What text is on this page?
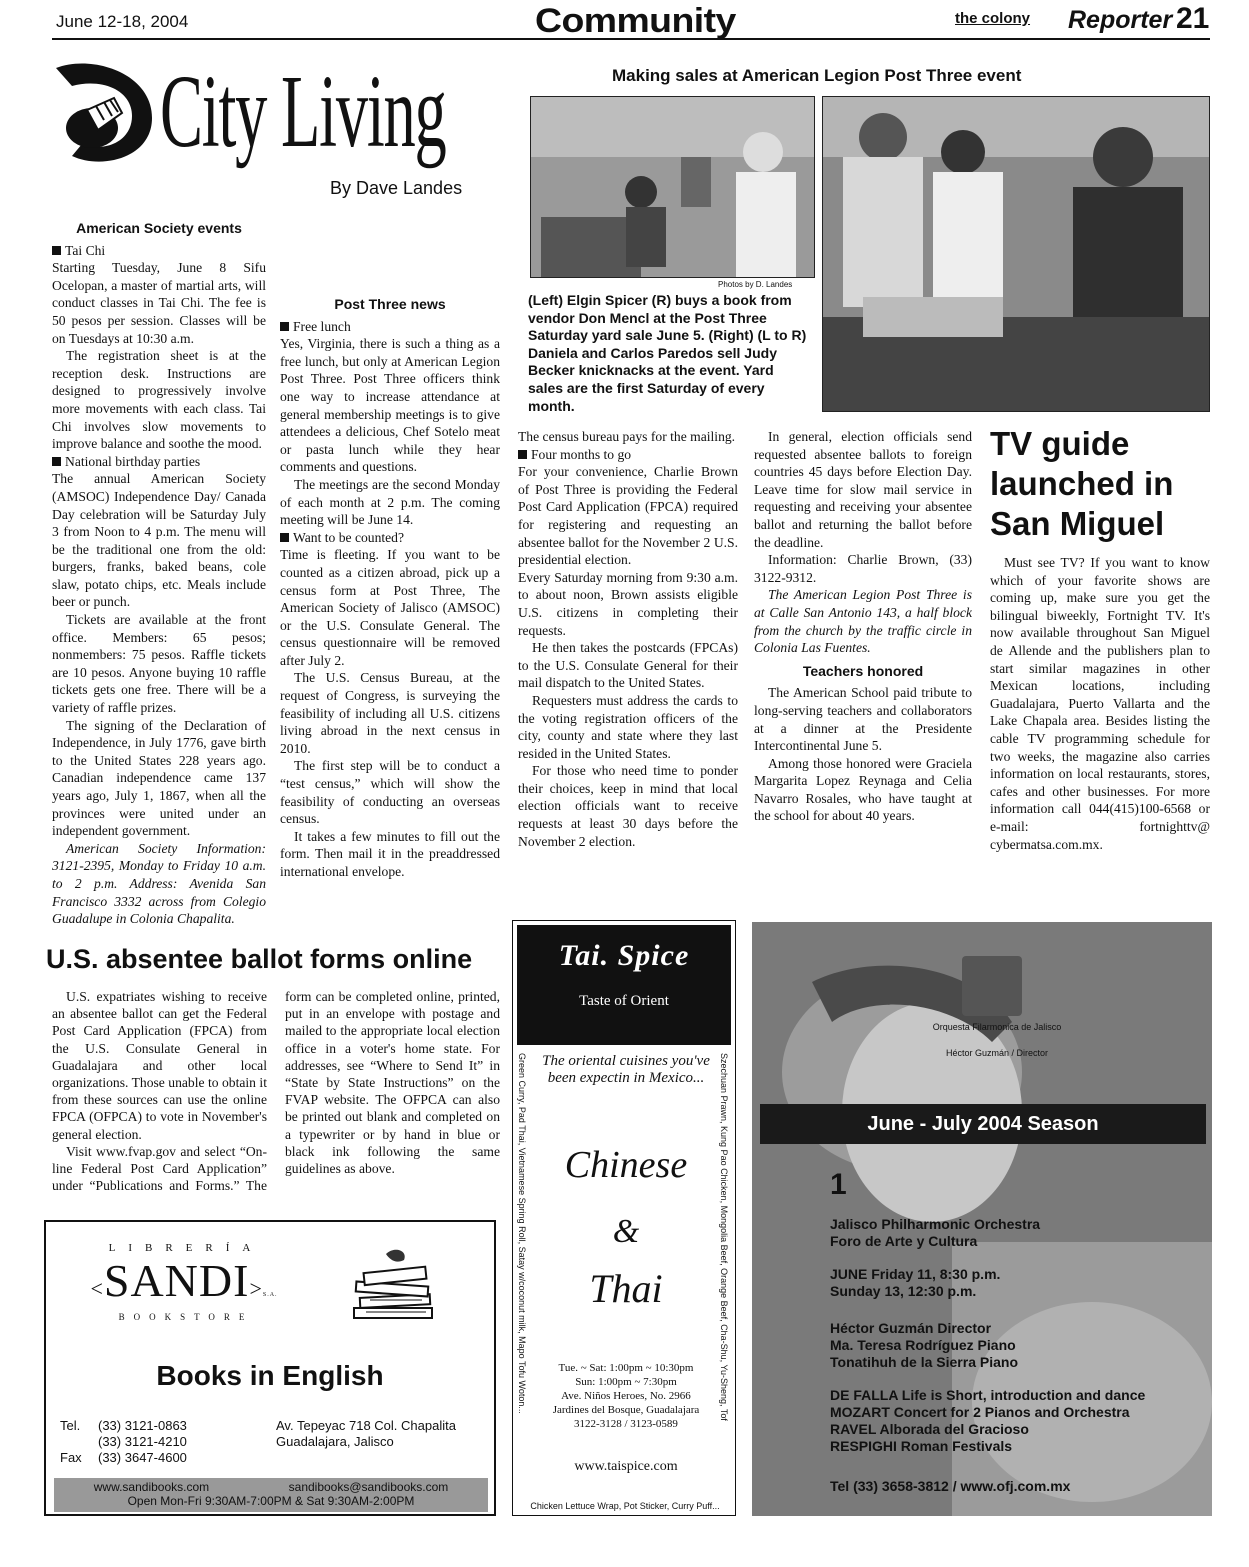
June 12-18, 2004	Community	the colony Reporter 21
City Living
By Dave Landes
American Society events

Tai Chi

Starting Tuesday, June 8 Sifu Ocelopan, a master of martial arts, will conduct classes in Tai Chi. The fee is 50 pesos per session. Classes will be on Tuesdays at 10:30 a.m.

The registration sheet is at the reception desk. Instructions are designed to progressively involve more movements with each class. Tai Chi involves slow movements to improve balance and soothe the mood.

National birthday parties

The annual American Society (AMSOC) Independence Day/ Canada Day celebration will be Saturday July 3 from Noon to 4 p.m. The menu will be the traditional one from the old: burgers, franks, baked beans, cole slaw, potato chips, etc. Meals include beer or punch.

Tickets are available at the front office. Members: 65 pesos; nonmembers: 75 pesos. Raffle tickets are 10 pesos. Anyone buying 10 raffle tickets gets one free. There will be a variety of raffle prizes.

The signing of the Declaration of Independence, in July 1776, gave birth to the United States 228 years ago. Canadian independence came 137 years ago, July 1, 1867, when all the provinces were united under an independent government.

American Society Information: 3121-2395, Monday to Friday 10 a.m. to 2 p.m. Address: Avenida San Francisco 3332 across from Colegio Guadalupe in Colonia Chapalita.

Post Three news

Free lunch

Yes, Virginia, there is such a thing as a free lunch, but only at American Legion Post Three. Post Three officers think one way to increase attendance at general membership meetings is to give attendees a delicious, Chef Sotelo meat or pasta lunch while they hear comments and questions.

The meetings are the second Monday of each month at 2 p.m. The coming meeting will be June 14.

Want to be counted?

Time is fleeting. If you want to be counted as a citizen abroad, pick up a census form at Post Three, The American Society of Jalisco (AMSOC) or the U.S. Consulate General. The census questionnaire will be removed after July 2.

The U.S. Census Bureau, at the request of Congress, is surveying the feasibility of including all U.S. citizens living abroad in the next census in 2010.

The first step will be to conduct a “test census,” which will show the feasibility of conducting an overseas census.

It takes a few minutes to fill out the form. Then mail it in the preaddressed international envelope.

Making sales at American Legion Post Three event
Photos by D. Landes
(Left) Elgin Spicer (R) buys a book from vendor Don Mencl at the Post Three Saturday yard sale June 5. (Right) (L to R) Daniela and Carlos Paredos sell Judy Becker knicknacks at the event. Yard sales are the first Saturday of every month.

The census bureau pays for the mailing.

Four months to go

For your convenience, Charlie Brown of Post Three is providing the Federal Post Card Application (FPCA) required for registering and requesting an absentee ballot for the November 2 U.S. presidential election.

Every Saturday morning from 9:30 a.m. to about noon, Brown assists eligible U.S. citizens in completing their requests.

He then takes the postcards (FPCAs) to the U.S. Consulate General for their mail dispatch to the United States.

Requesters must address the cards to the voting registration officers of the city, county and state where they last resided in the United States.

For those who need time to ponder their choices, keep in mind that local election officials want to receive requests at least 30 days before the November 2 election.

In general, election officials send requested absentee ballots to foreign countries 45 days before Election Day. Leave time for slow mail service in requesting and receiving your absentee ballot and returning the ballot before the deadline.

Information: Charlie Brown, (33) 3122-9312.

The American Legion Post Three is at Calle San Antonio 143, a half block from the church by the traffic circle in Colonia Las Fuentes.

Teachers honored

The American School paid tribute to long-serving teachers and collaborators at a dinner at the Presidente Intercontinental June 5.

Among those honored were Graciela Margarita Lopez Reynaga and Celia Navarro Rosales, who have taught at the school for about 40 years.

TV guide launched in San Miguel

Must see TV? If you want to know which of your favorite shows are coming up, make sure you get the bilingual biweekly, Fortnight TV. It's now available throughout San Miguel de Allende and the publishers plan to start similar magazines in other Mexican locations, including Guadalajara, Puerto Vallarta and the Lake Chapala area. Besides listing the cable TV programming schedule for two weeks, the magazine also carries information on local restaurants, stores, cafes and other businesses. For more information call 044(415)100-6568 or e-mail: fortnighttv@ cybermatsa.com.mx.

U.S. absentee ballot forms online

U.S. expatriates wishing to receive an absentee ballot can get the Federal Post Card Application (FPCA) from the U.S. Consulate General in Guadalajara and other local organizations. Those unable to obtain it from these sources can use the online FPCA (OFPCA) to vote in November's general election.

Visit www.fvap.gov and select “On-line Federal Post Card Application” under “Publications and Forms.” The form can be completed online, printed, put in an envelope with postage and mailed to the appropriate local election office in a voter's home state. For addresses, see “Where to Send It” in “State by State Instructions” on the FVAP website. The OFPCA can also be printed out blank and completed on a typewriter or by hand in blue or black ink following the same guidelines as above.

LIBRERÍA
<SANDI>S.A.
BOOKSTORE
Books in English
Tel.	(33) 3121-0863
(33) 3121-4210
Fax (33) 3647-4600
Av. Tepeyac 718 Col. Chapalita
Guadalajara, Jalisco
www.sandibooks.com	sandibooks@sandibooks.com
Open Mon-Fri 9:30AM-7:00PM & Sat 9:30AM-2:00PM
Tai. Spice
Taste of Orient
Green Curry, Pad Thai, Vietnamese Spring Roll, Satay w/coconut milk, Mapo Tofu Woton...	Szechuan Prawn, Kung Pao Chicken, Mongolia Beef, Orange Beef, Cha-Shu, Yu-Sheng, Tof
The oriental cuisines you've been expectin in Mexico...
Chinese
&
Thai
Tue. ~ Sat: 1:00pm ~ 10:30pm
Sun: 1:00pm ~ 7:30pm
Ave. Niños Heroes, No. 2966
Jardines del Bosque, Guadalajara
3122-3128 / 3123-0589
www.taispice.com
Chicken Lettuce Wrap, Pot Sticker, Curry Puff...
Orquesta Filarmonica de Jalisco
Héctor Guzmán / Director
June - July 2004 Season
1
Jalisco Philharmonic Orchestra
Foro de Arte y Cultura
JUNE Friday 11, 8:30 p.m.
Sunday 13, 12:30 p.m.
Héctor Guzmán Director
Ma. Teresa Rodríguez Piano
Tonatihuh de la Sierra Piano
DE FALLA Life is Short, introduction and dance
MOZART Concert for 2 Pianos and Orchestra
RAVEL Alborada del Gracioso
RESPIGHI Roman Festivals
Tel (33) 3658-3812 / www.ofj.com.mx
